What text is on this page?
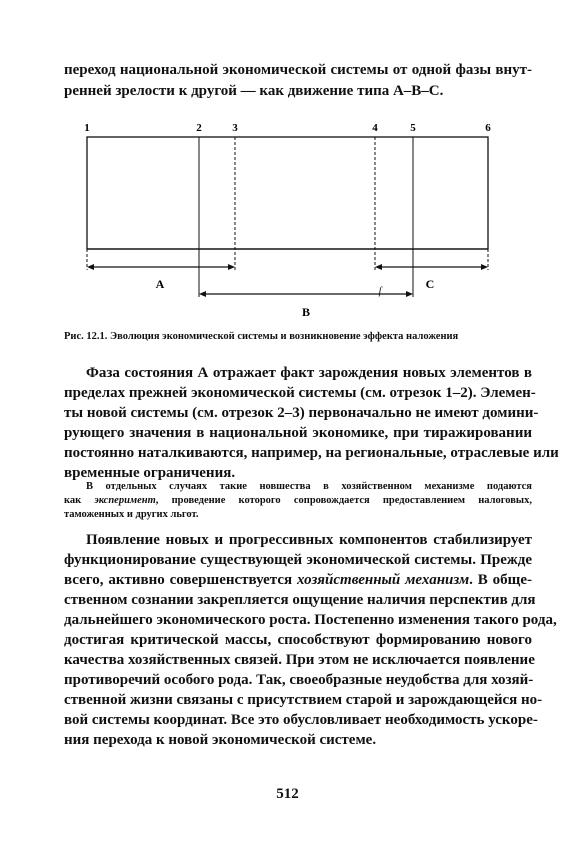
переход национальной экономической системы от одной фазы внут-
ренней зрелости к другой — как движение типа А–В–С.
1	2	3	4	5	6
А	С
В
ſ
Рис. 12.1. Эволюция экономической системы и возникновение эффекта наложения
Фаза состояния А отражает факт зарождения новых элементов в
пределах прежней экономической системы (см. отрезок 1–2). Элемен-
ты новой системы (см. отрезок 2–3) первоначально не имеют домини-
рующего значения в национальной экономике, при тиражировании
постоянно наталкиваются, например, на региональные, отраслевые или
временные ограничения.
В отдельных случаях такие новшества в хозяйственном механизме подаются
как эксперимент, проведение которого сопровождается предоставлением налоговых,
таможенных и других льгот.
Появление новых и прогрессивных компонентов стабилизирует
функционирование существующей экономической системы. Прежде
всего, активно совершенствуется хозяйственный механизм. В обще-
ственном сознании закрепляется ощущение наличия перспектив для
дальнейшего экономического роста. Постепенно изменения такого рода,
достигая критической массы, способствуют формированию нового
качества хозяйственных связей. При этом не исключается появление
противоречий особого рода. Так, своеобразные неудобства для хозяй-
ственной жизни связаны с присутствием старой и зарождающейся но-
вой системы координат. Все это обусловливает необходимость ускоре-
ния перехода к новой экономической системе.
512
